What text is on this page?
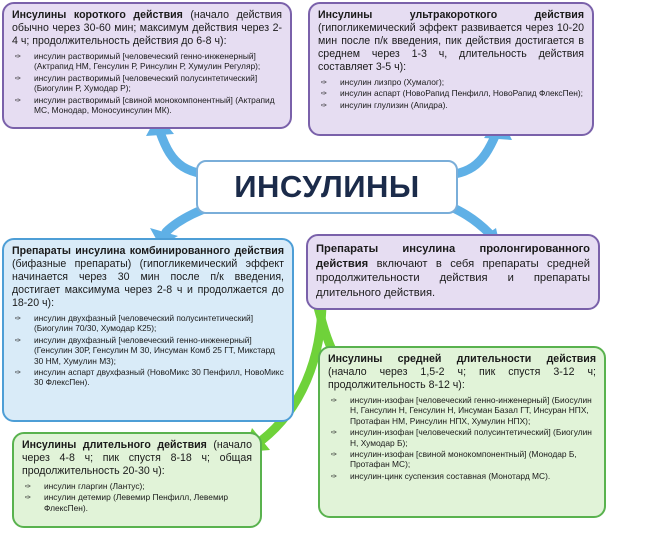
Инсулины короткого действия (начало действия обычно через 30-60 мин; максимум действия через 2-4 ч; продолжительность действия до 6-8 ч):
✑ инсулин растворимый [человеческий генно-инженерный] (Актрапид НМ, Генсулин Р, Ринсулин Р, Хумулин Регуляр);
✑ инсулин растворимый [человеческий полусинтетический] (Биогулин Р, Хумодар Р);
✑ инсулин растворимый [свиной монокомпонентный] (Актрапид МС, Монодар, Моносуинсулин МК).
Инсулины ультракороткого действия (гипогликемический эффект развивается через 10-20 мин после п/к введения, пик действия достигается в среднем через 1-3 ч, длительность действия составляет 3-5 ч):
✑ инсулин лизпро (Хумалог);
✑ инсулин аспарт (НовоРапид Пенфилл, НовоРапид ФлексПен);
✑ инсулин глулизин (Апидра).
ИНСУЛИНЫ
Препараты инсулина комбинированного действия (бифазные препараты) (гипогликемический эффект начинается через 30 мин после п/к введения, достигает максимума через 2-8 ч и продолжается до 18-20 ч):
✑ инсулин двухфазный [человеческий полусинтетический] (Биогулин 70/30, Хумодар К25);
✑ инсулин двухфазный [человеческий генно-инженерный] (Генсулин 30Р, Генсулин М 30, Инсуман Комб 25 ГТ, Микстард 30 НМ, Хумулин М3);
✑ инсулин аспарт двухфазный (НовоМикс 30 Пенфилл, НовоМикс 30 ФлексПен).
Препараты инсулина пролонгированного действия включают в себя препараты средней продолжительности действия и препараты длительного действия.
Инсулины средней длительности действия (начало через 1,5-2 ч; пик спустя 3-12 ч; продолжительность 8-12 ч):
✑ инсулин-изофан [человеческий генно-инженерный] (Биосулин Н, Гансулин Н, Генсулин Н, Инсуман Базал ГТ, Инсуран НПХ, Протафан НМ, Ринсулин НПХ, Хумулин НПХ);
✑ инсулин-изофан [человеческий полусинтетический] (Биогулин Н, Хумодар Б);
✑ инсулин-изофан [свиной монокомпонентный] (Монодар Б, Протафан МС);
✑ инсулин-цинк суспензия составная (Монотард МС).
Инсулины длительного действия (начало через 4-8 ч; пик спустя 8-18 ч; общая продолжительность 20-30 ч):
✑ инсулин гларгин (Лантус);
✑ инсулин детемир (Левемир Пенфилл, Левемир ФлексПен).
